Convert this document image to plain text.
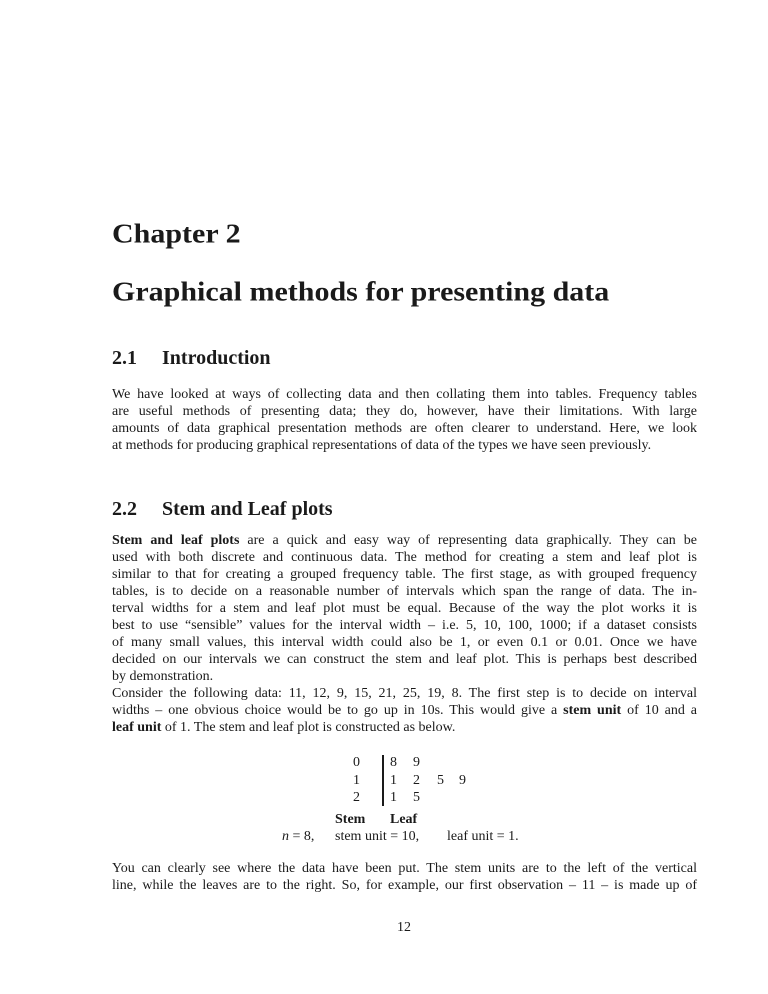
Chapter 2
Graphical methods for presenting data
2.1 Introduction
We have looked at ways of collecting data and then collating them into tables. Frequency tables
are useful methods of presenting data; they do, however, have their limitations. With large
amounts of data graphical presentation methods are often clearer to understand. Here, we look
at methods for producing graphical representations of data of the types we have seen previously.
2.2 Stem and Leaf plots
Stem and leaf plots are a quick and easy way of representing data graphically. They can be
used with both discrete and continuous data. The method for creating a stem and leaf plot is
similar to that for creating a grouped frequency table. The first stage, as with grouped frequency
tables, is to decide on a reasonable number of intervals which span the range of data. The in-
terval widths for a stem and leaf plot must be equal. Because of the way the plot works it is
best to use “sensible” values for the interval width – i.e. 5, 10, 100, 1000; if a dataset consists
of many small values, this interval width could also be 1, or even 0.1 or 0.01. Once we have
decided on our intervals we can construct the stem and leaf plot. This is perhaps best described
by demonstration.
Consider the following data: 11, 12, 9, 15, 21, 25, 19, 8. The first step is to decide on interval
widths – one obvious choice would be to go up in 10s. This would give a stem unit of 10 and a
leaf unit of 1. The stem and leaf plot is constructed as below.
0 8 9
1 1 2 5 9
2 1 5
Stem Leaf
n = 8, stem unit = 10, leaf unit = 1.
You can clearly see where the data have been put. The stem units are to the left of the vertical
line, while the leaves are to the right. So, for example, our first observation – 11 – is made up of
12
